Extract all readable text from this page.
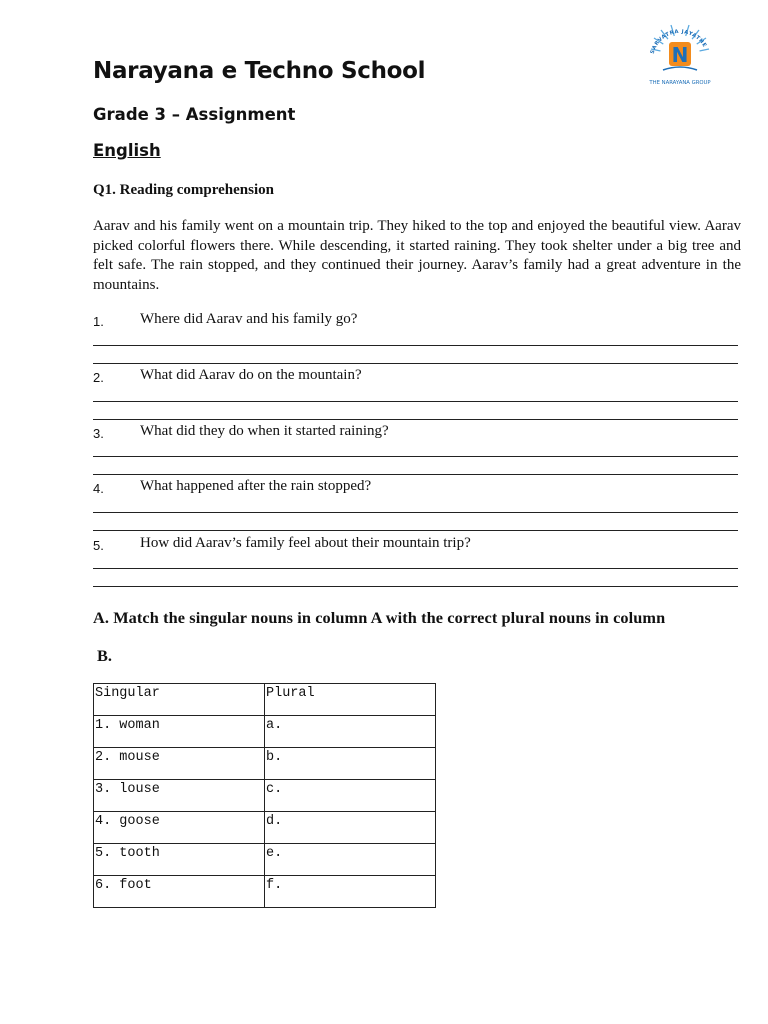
SARVATRA JAYATHE
N
THE NARAYANA GROUP
Narayana e Techno School
Grade 3 – Assignment
English
Q1. Reading comprehension
Aarav and his family went on a mountain trip. They hiked to the top and enjoyed the beautiful view. Aarav picked colorful flowers there. While descending, it started raining. They took shelter under a big tree and felt safe. The rain stopped, and they continued their journey. Aarav’s family had a great adventure in the mountains.
1. Where did Aarav and his family go?
2. What did Aarav do on the mountain?
3. What did they do when it started raining?
4. What happened after the rain stopped?
5. How did Aarav’s family feel about their mountain trip?
A. Match the singular nouns in column A with the correct plural nouns in column
B.
Singular	Plural
1. woman	a.
2. mouse	b.
3. louse	c.
4. goose	d.
5. tooth	e.
6. foot	f.
